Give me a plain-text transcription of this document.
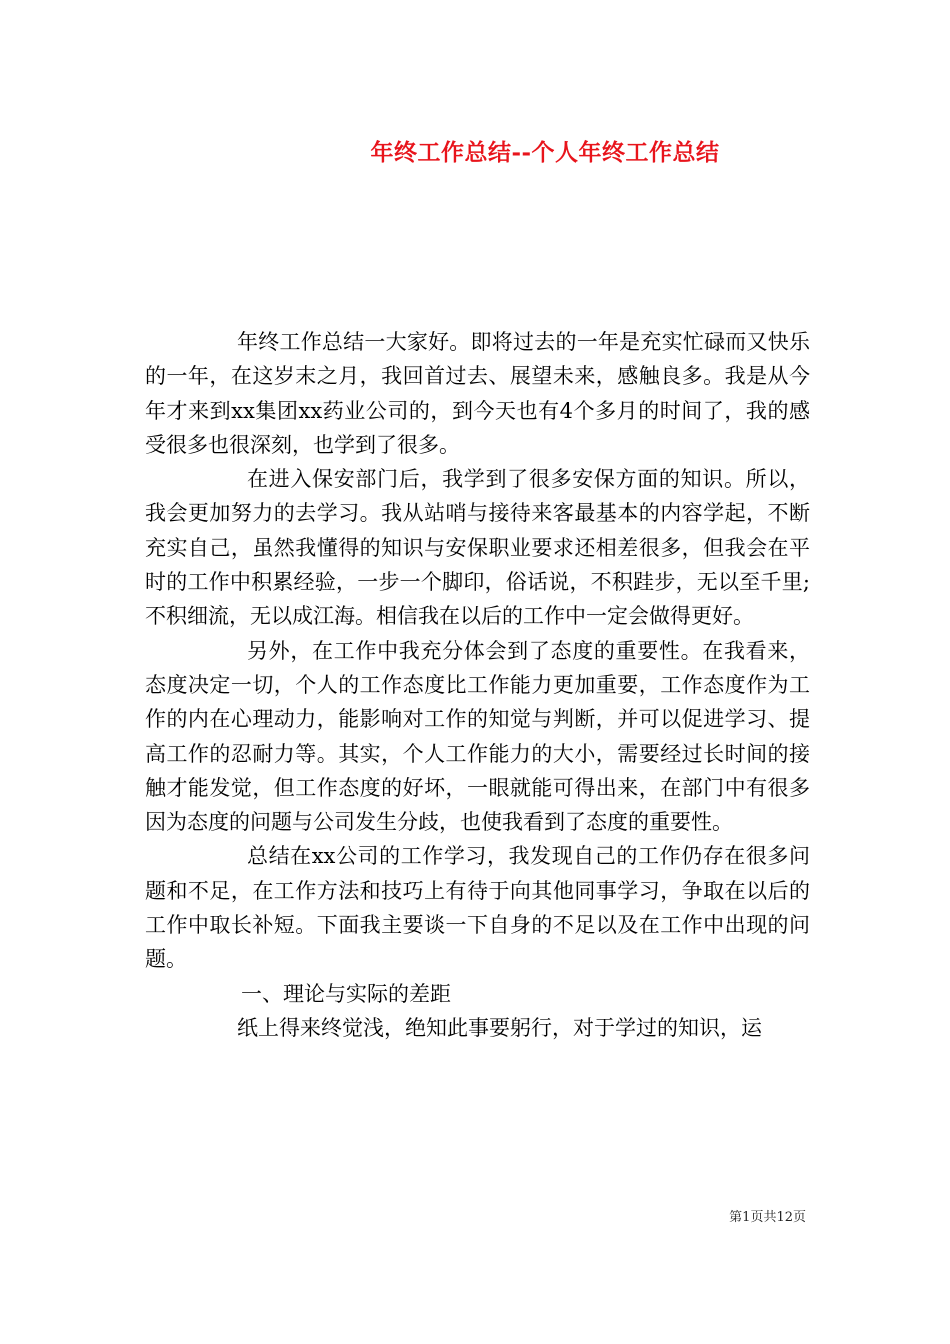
年终工作总结--个人年终工作总结

年终工作总结一大家好。即将过去的一年是充实忙碌而又快乐的一年，在这岁末之月，我回首过去、展望未来，感触良多。我是从今年才来到xx集团xx药业公司的，到今天也有4个多月的时间了，我的感受很多也很深刻，也学到了很多。

在进入保安部门后，我学到了很多安保方面的知识。所以，我会更加努力的去学习。我从站哨与接待来客最基本的内容学起，不断充实自己，虽然我懂得的知识与安保职业要求还相差很多，但我会在平时的工作中积累经验，一步一个脚印，俗话说，不积跬步，无以至千里;不积细流，无以成江海。相信我在以后的工作中一定会做得更好。

另外，在工作中我充分体会到了态度的重要性。在我看来，态度决定一切，个人的工作态度比工作能力更加重要，工作态度作为工作的内在心理动力，能影响对工作的知觉与判断，并可以促进学习、提高工作的忍耐力等。其实，个人工作能力的大小，需要经过长时间的接触才能发觉，但工作态度的好坏，一眼就能可得出来，在部门中有很多因为态度的问题与公司发生分歧，也使我看到了态度的重要性。

总结在xx公司的工作学习，我发现自己的工作仍存在很多问题和不足，在工作方法和技巧上有待于向其他同事学习，争取在以后的工作中取长补短。下面我主要谈一下自身的不足以及在工作中出现的问题。

一、理论与实际的差距

纸上得来终觉浅，绝知此事要躬行，对于学过的知识，运

第1页共12页
